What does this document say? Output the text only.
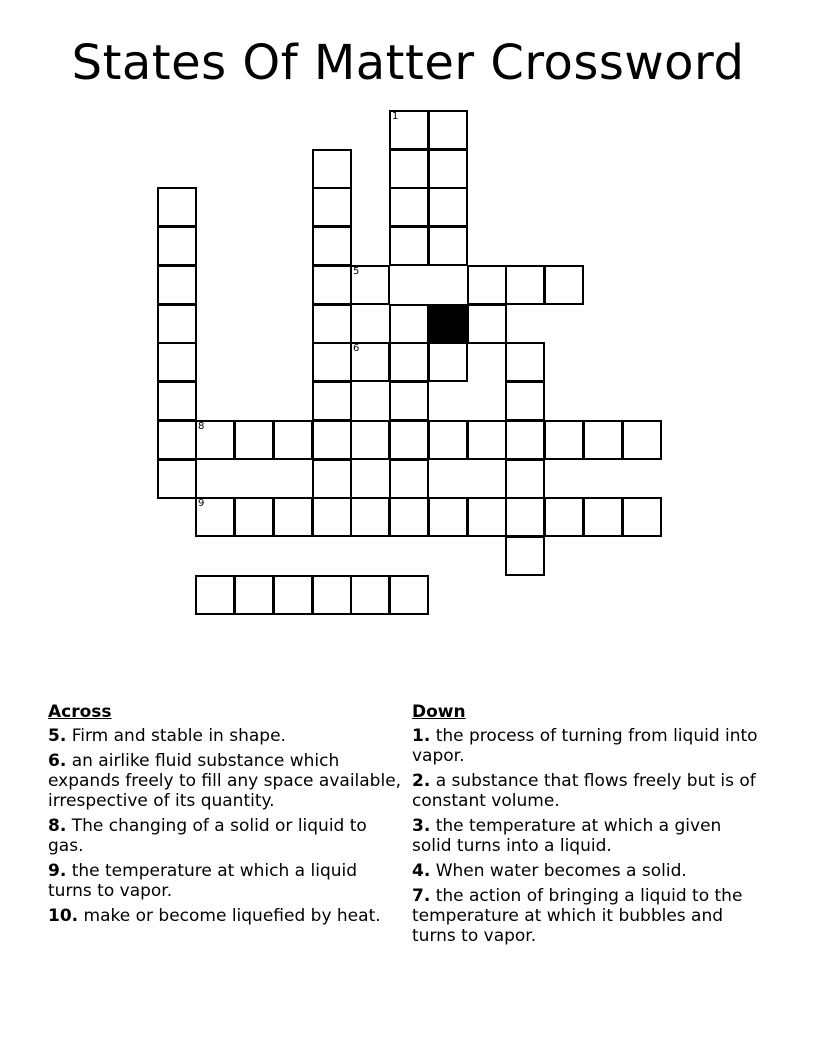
States Of Matter Crossword
1
5
6
8
9
Across
5. Firm and stable in shape.
6. an airlike fluid substance which expands freely to fill any space available, irrespective of its quantity.
8. The changing of a solid or liquid to gas.
9. the temperature at which a liquid turns to vapor.
10. make or become liquefied by heat.
Down
1. the process of turning from liquid into vapor.
2. a substance that flows freely but is of constant volume.
3. the temperature at which a given solid turns into a liquid.
4. When water becomes a solid.
7. the action of bringing a liquid to the temperature at which it bubbles and turns to vapor.
